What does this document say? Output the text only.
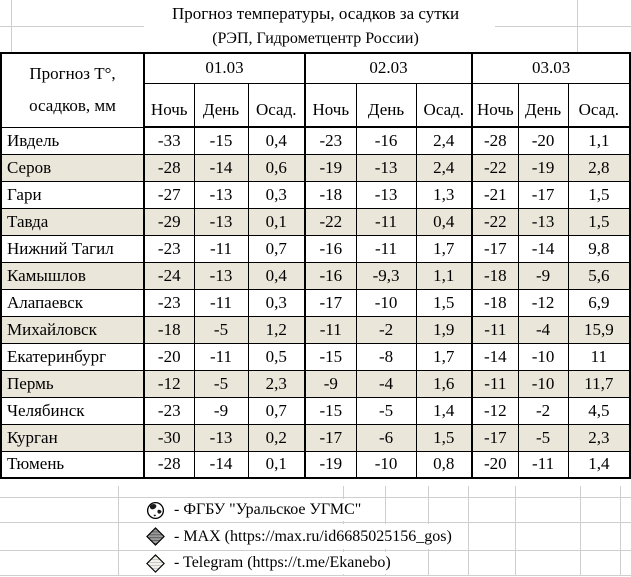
Прогноз температуры, осадков за сутки
(РЭП, Гидрометцентр России)
Прогноз Т°,
осадков, мм	01.03			02.03			03.03		
	Ночь	День	Осад.	Ночь	День	Осад.	Ночь	День	Осад.
Ивдель	-33	-15	0,4	-23	-16	2,4	-28	-20	1,1
Серов	-28	-14	0,6	-19	-13	2,4	-22	-19	2,8
Гари	-27	-13	0,3	-18	-13	1,3	-21	-17	1,5
Тавда	-29	-13	0,1	-22	-11	0,4	-22	-13	1,5
Нижний Тагил	-23	-11	0,7	-16	-11	1,7	-17	-14	9,8
Камышлов	-24	-13	0,4	-16	-9,3	1,1	-18	-9	5,6
Алапаевск	-23	-11	0,3	-17	-10	1,5	-18	-12	6,9
Михайловск	-18	-5	1,2	-11	-2	1,9	-11	-4	15,9
Екатеринбург	-20	-11	0,5	-15	-8	1,7	-14	-10	11
Пермь	-12	-5	2,3	-9	-4	1,6	-11	-10	11,7
Челябинск	-23	-9	0,7	-15	-5	1,4	-12	-2	4,5
Курган	-30	-13	0,2	-17	-6	1,5	-17	-5	2,3
Тюмень	-28	-14	0,1	-19	-10	0,8	-20	-11	1,4
- ФГБУ "Уральское УГМС"
- MAX (https://max.ru/id6685025156_gos)
- Telegram (https://t.me/Ekanebo)
